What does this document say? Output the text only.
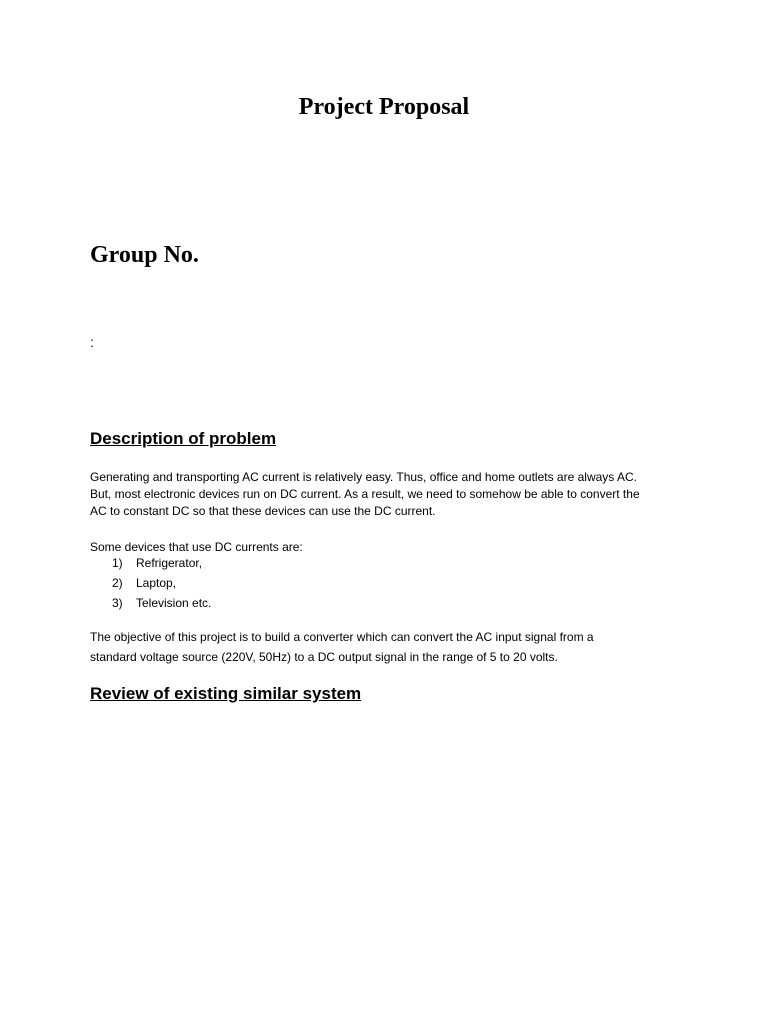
Project Proposal
Group No.
:
Description of problem
Generating and transporting AC current is relatively easy. Thus, office and home outlets are always AC.
But, most electronic devices run on DC current. As a result, we need to somehow be able to convert the
AC to constant DC so that these devices can use the DC current.
Some devices that use DC currents are:
1) Refrigerator,
2) Laptop,
3) Television etc.
The objective of this project is to build a converter which can convert the AC input signal from a
standard voltage source (220V, 50Hz) to a DC output signal in the range of 5 to 20 volts.
Review of existing similar system
